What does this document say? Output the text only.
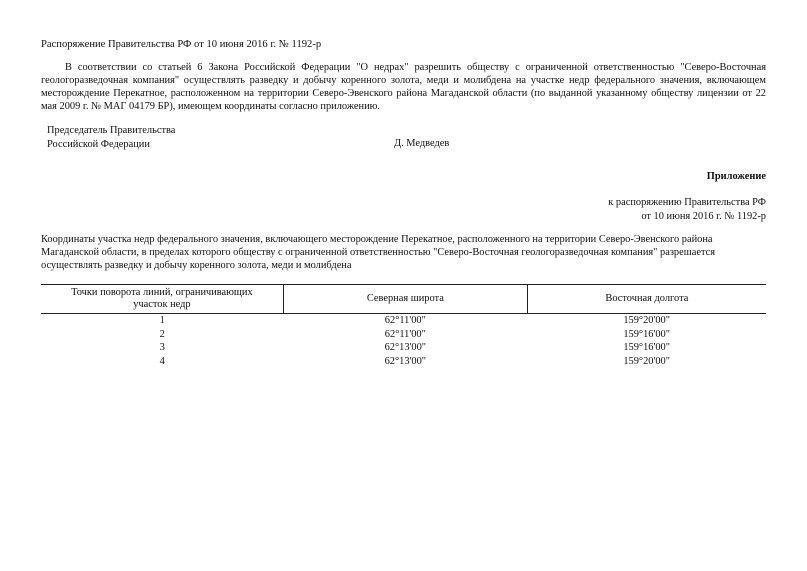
Распоряжение Правительства РФ от 10 июня 2016 г. № 1192-р
В соответствии со статьей 6 Закона Российской Федерации "О недрах" разрешить обществу с ограниченной ответственностью "Северо-Восточная геологоразведочная компания" осуществлять разведку и добычу коренного золота, меди и молибдена на участке недр федерального значения, включающем месторождение Перекатное, расположенном на территории Северо-Эвенского района Магаданской области (по выданной указанному обществу лицензии от 22 мая 2009 г. № МАГ 04179 БР), имеющем координаты согласно приложению.
Председатель Правительства
Российской Федерации	Д. Медведев
Приложение
к распоряжению Правительства РФ
от 10 июня 2016 г. № 1192-р
Координаты участка недр федерального значения, включающего месторождение Перекатное, расположенного на территории Северо-Эвенского района
Магаданской области, в пределах которого обществу с ограниченной ответственностью "Северо-Восточная геологоразведочная компания" разрешается
осуществлять разведку и добычу коренного золота, меди и молибдена
Точки поворота линий, ограничивающих
участок недр	Северная широта	Восточная долгота
1	62°11'00"	159°20'00"
2	62°11'00"	159°16'00"
3	62°13'00"	159°16'00"
4	62°13'00"	159°20'00"
